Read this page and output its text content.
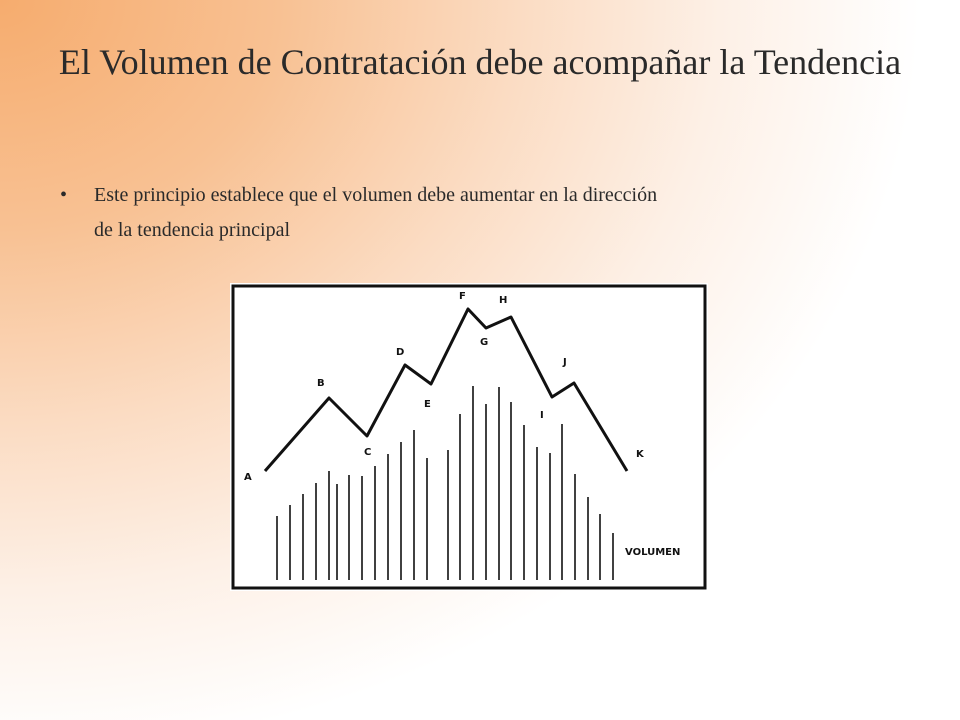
El Volumen de Contratación debe acompañar la Tendencia
•	Este principio establece que el volumen debe aumentar en la dirección
de la tendencia principal
A
B
C
D
E
F
G
H
I
J
K
VOLUMEN
